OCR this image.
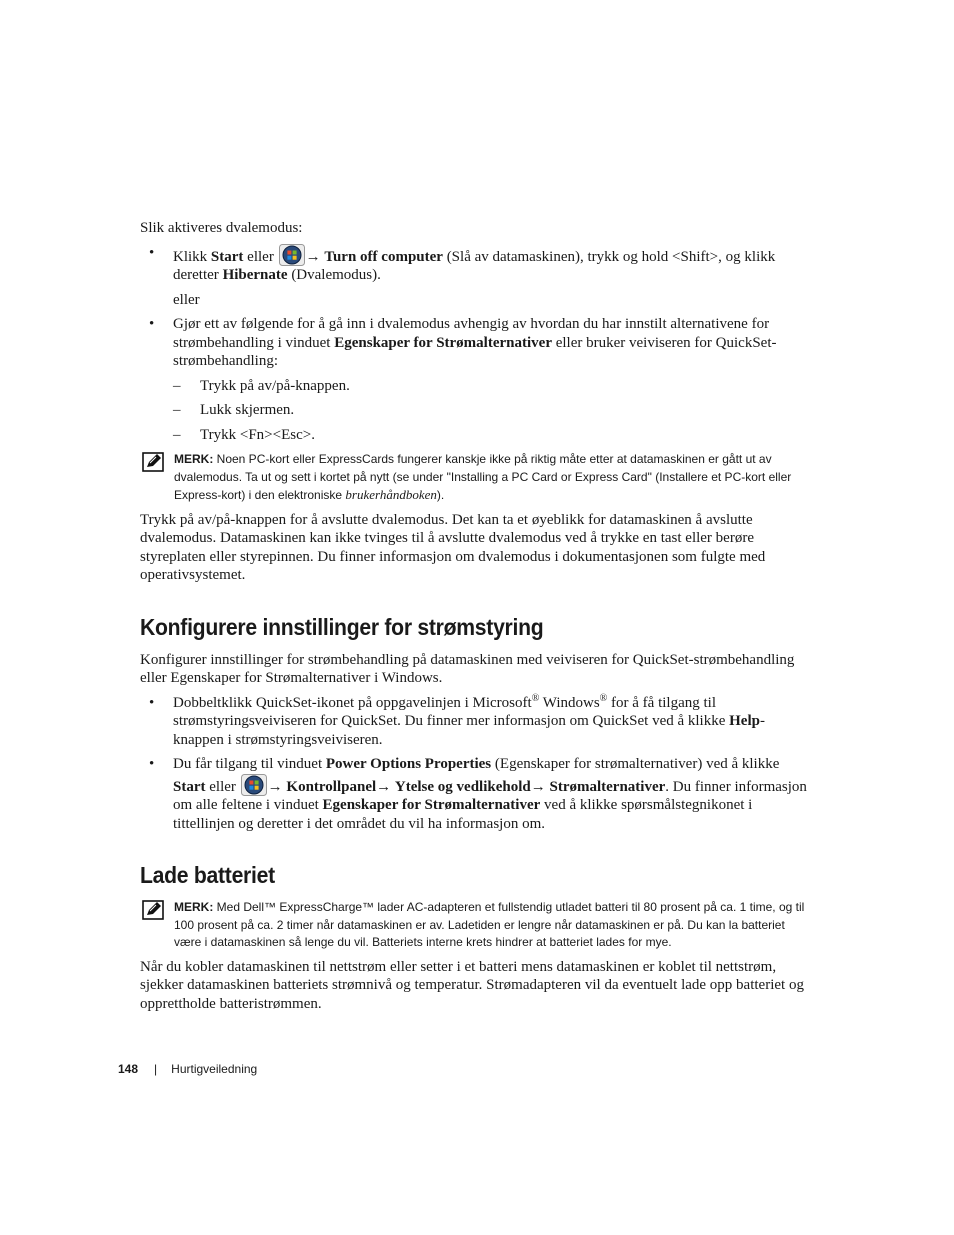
Slik aktiveres dvalemodus:

• Klikk Start eller → Turn off computer (Slå av datamaskinen), trykk og hold <Shift>, og klikk deretter Hibernate (Dvalemodus).

eller

• Gjør ett av følgende for å gå inn i dvalemodus avhengig av hvordan du har innstilt alternativene for strømbehandling i vinduet Egenskaper for Strømalternativer eller bruker veiviseren for QuickSet-strømbehandling:
– Trykk på av/på-knappen.
– Lukk skjermen.
– Trykk <Fn><Esc>.
MERK: Noen PC-kort eller ExpressCards fungerer kanskje ikke på riktig måte etter at datamaskinen er gått ut av dvalemodus. Ta ut og sett i kortet på nytt (se under "Installing a PC Card or Express Card" (Installere et PC-kort eller Express-kort) i den elektroniske brukerhåndboken).

Trykk på av/på-knappen for å avslutte dvalemodus. Det kan ta et øyeblikk for datamaskinen å avslutte dvalemodus. Datamaskinen kan ikke tvinges til å avslutte dvalemodus ved å trykke en tast eller berøre styreplaten eller styrepinnen. Du finner informasjon om dvalemodus i dokumentasjonen som fulgte med operativsystemet.

Konfigurere innstillinger for strømstyring

Konfigurer innstillinger for strømbehandling på datamaskinen med veiviseren for QuickSet-strømbehandling eller Egenskaper for Strømalternativer i Windows.

• Dobbeltklikk QuickSet-ikonet på oppgavelinjen i Microsoft® Windows® for å få tilgang til strømstyringsveiviseren for QuickSet. Du finner mer informasjon om QuickSet ved å klikke Help-knappen i strømstyringsveiviseren.
• Du får tilgang til vinduet Power Options Properties (Egenskaper for strømalternativer) ved å klikke Start eller → Kontrollpanel→ Ytelse og vedlikehold→ Strømalternativer. Du finner informasjon om alle feltene i vinduet Egenskaper for Strømalternativer ved å klikke spørsmålstegnikonet i tittellinjen og deretter i det området du vil ha informasjon om.
Lade batteriet
MERK: Med Dell™ ExpressCharge™ lader AC-adapteren et fullstendig utladet batteri til 80 prosent på ca. 1 time, og til 100 prosent på ca. 2 timer når datamaskinen er av. Ladetiden er lengre når datamaskinen er på. Du kan la batteriet være i datamaskinen så lenge du vil. Batteriets interne krets hindrer at batteriet lades for mye.

Når du kobler datamaskinen til nettstrøm eller setter i et batteri mens datamaskinen er koblet til nettstrøm, sjekker datamaskinen batteriets strømnivå og temperatur. Strømadapteren vil da eventuelt lade opp batteriet og opprettholde batteristrømmen.

148 | Hurtigveiledning
